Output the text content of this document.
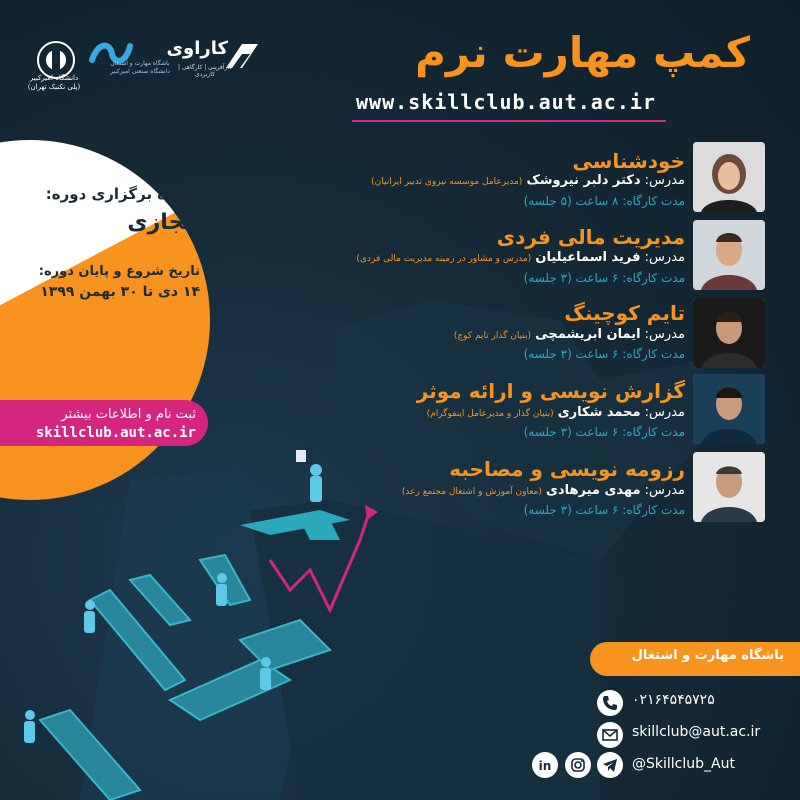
دانشگاه امیرکبیر
(پلی تکنیک تهران)
باشگاه مهارت و اشتغال
دانشگاه صنعتی امیرکبیر
کاراوی
کارآفرینی | کارگاهی | کاربردی	کمپ مهارت نرم
www.skillclub.aut.ac.ir
نحوه برگزاری دوره:
مجازی
تاریخ شروع و پایان دوره:
۱۴ دی تا ۳۰ بهمن ۱۳۹۹
ثبت نام و اطلاعات بیشتر
skillclub.aut.ac.ir
خودشناسی
مدرس: دکتر دلبر نیروشک (مدیرعامل موسسه نیروی تدبیر ایرانیان)
مدت کارگاه: ۸ ساعت (۵ جلسه)
مدیریت مالی فردی
مدرس: فرید اسماعیلیان (مدرس و مشاور در زمینه مدیریت مالی فردی)
مدت کارگاه: ۶ ساعت (۳ جلسه)
تایم کوچینگ
مدرس: ایمان ابریشمچی (بنیان گذار تایم کوچ)
مدت کارگاه: ۶ ساعت (۳ جلسه)
گزارش نویسی و ارائه موثر
مدرس: محمد شکاری (بنیان گذار و مدیرعامل اینفوگرام)
مدت کارگاه: ۶ ساعت (۳ جلسه)
رزومه نویسی و مصاحبه
مدرس: مهدی میرهادی (معاون آموزش و اشتغال مجتمع رعد)
مدت کارگاه: ۶ ساعت (۳ جلسه)
باشگاه مهارت و اشتغال
۰۲۱۶۴۵۴۵۷۲۵
skillclub@aut.ac.ir
in	@Skillclub_Aut
